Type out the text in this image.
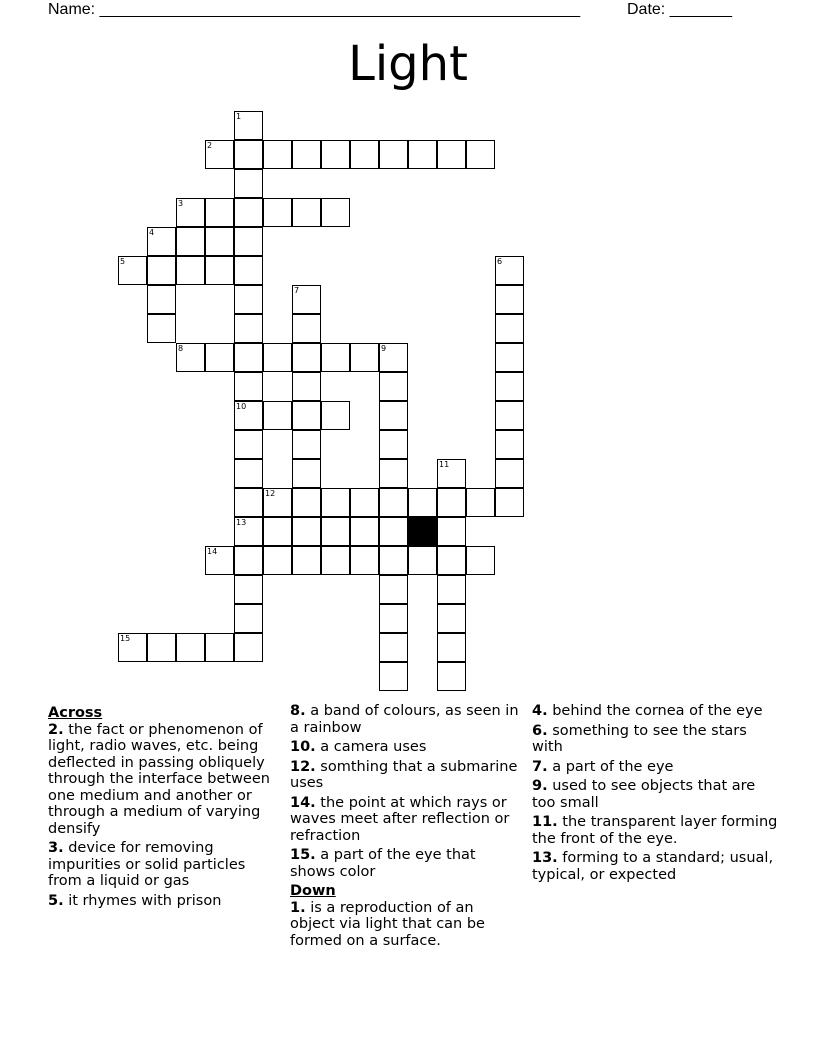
Name: ______________________________________________________	Date: _______
Light
1
2
3
4
5	6
7
8	9
10
11
12
13
14
15
Across
2. the fact or phenomenon of light, radio waves, etc. being deflected in passing obliquely through the interface between one medium and another or through a medium of varying densify
3. device for removing impurities or solid particles from a liquid or gas
5. it rhymes with prison
8. a band of colours, as seen in a rainbow
10. a camera uses
12. somthing that a submarine uses
14. the point at which rays or waves meet after reflection or refraction
15. a part of the eye that shows color
Down
1. is a reproduction of an object via light that can be formed on a surface.
4. behind the cornea of the eye
6. something to see the stars with
7. a part of the eye
9. used to see objects that are too small
11. the transparent layer forming the front of the eye.
13. forming to a standard; usual, typical, or expected
